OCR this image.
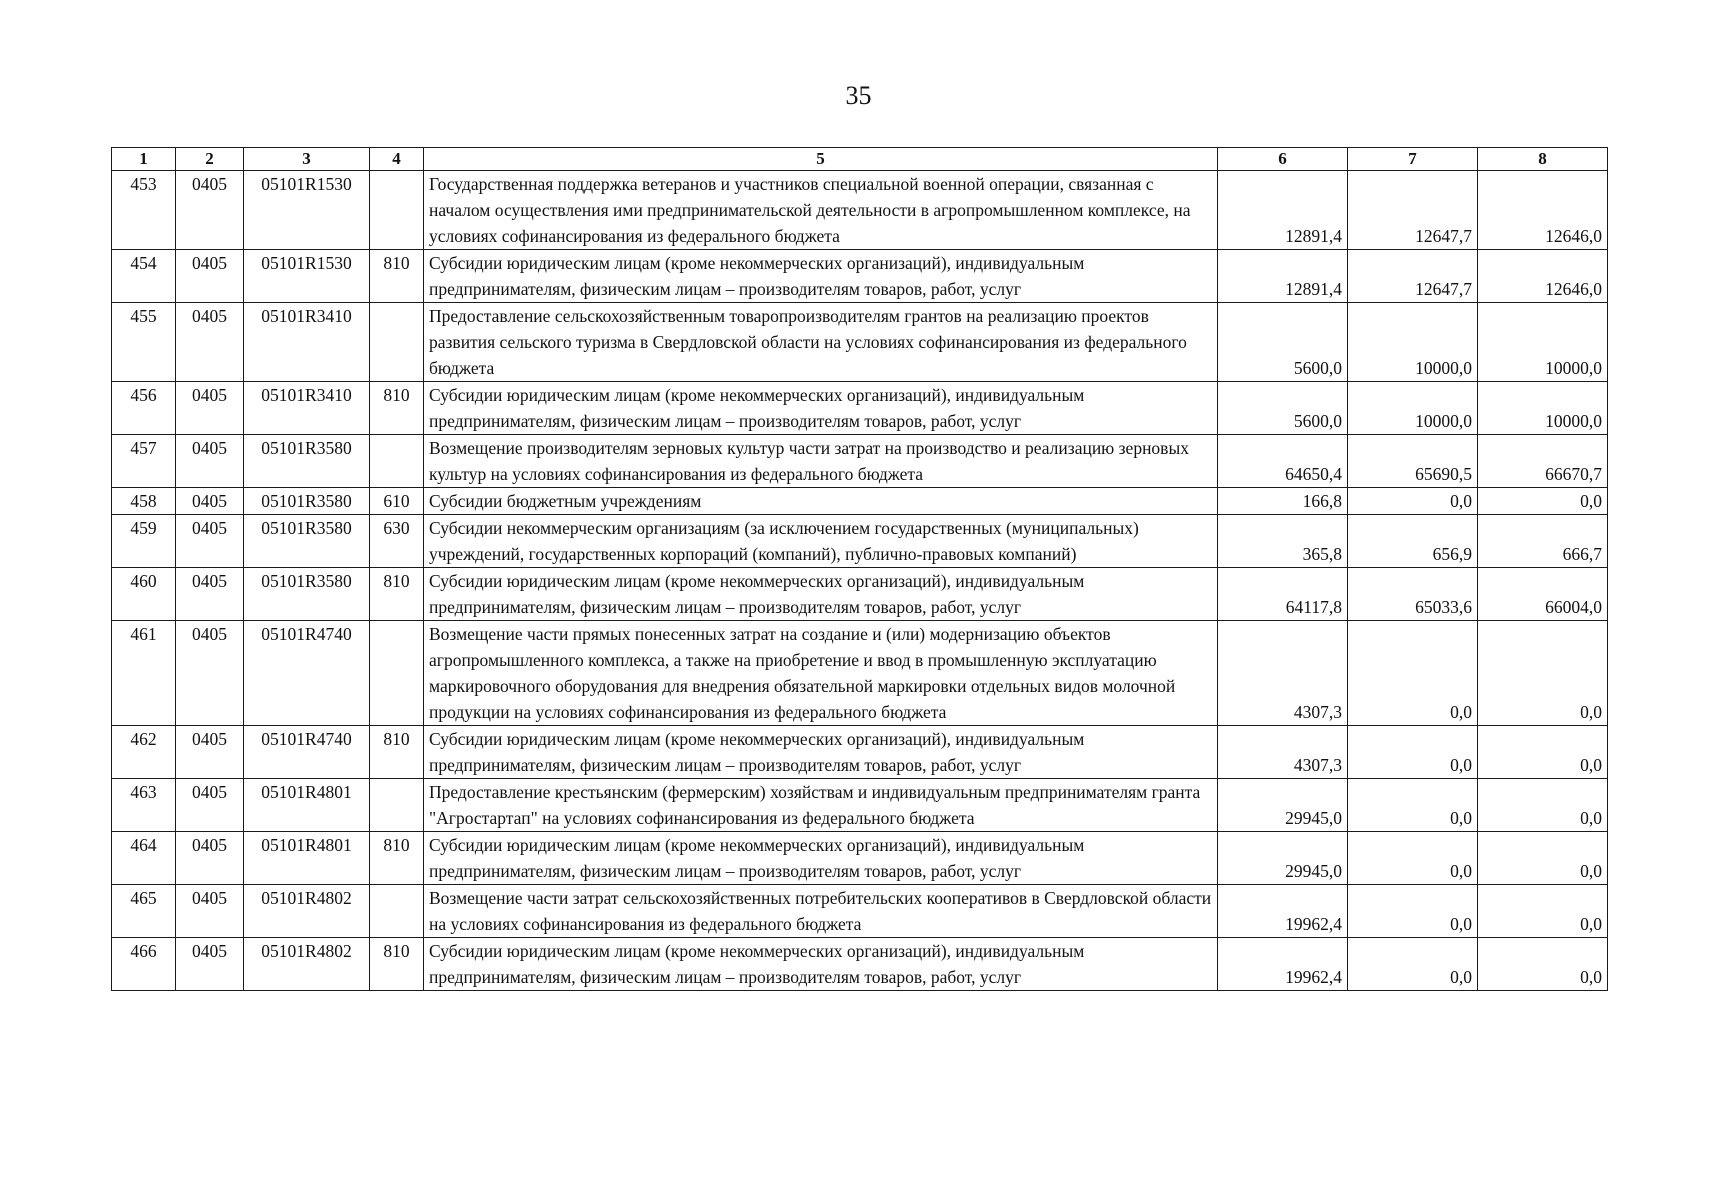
35
1	2	3	4	5	6	7	8
453	0405	05101R1530		Государственная поддержка ветеранов и участников специальной военной операции, связанная с началом осуществления ими предпринимательской деятельности в агропромышленном комплексе, на условиях софинансирования из федерального бюджета	12891,4	12647,7	12646,0
454	0405	05101R1530	810	Субсидии юридическим лицам (кроме некоммерческих организаций), индивидуальным предпринимателям, физическим лицам – производителям товаров, работ, услуг	12891,4	12647,7	12646,0
455	0405	05101R3410		Предоставление сельскохозяйственным товаропроизводителям грантов на реализацию проектов развития сельского туризма в Свердловской области на условиях софинансирования из федерального бюджета	5600,0	10000,0	10000,0
456	0405	05101R3410	810	Субсидии юридическим лицам (кроме некоммерческих организаций), индивидуальным предпринимателям, физическим лицам – производителям товаров, работ, услуг	5600,0	10000,0	10000,0
457	0405	05101R3580		Возмещение производителям зерновых культур части затрат на производство и реализацию зерновых культур на условиях софинансирования из федерального бюджета	64650,4	65690,5	66670,7
458	0405	05101R3580	610	Субсидии бюджетным учреждениям	166,8	0,0	0,0
459	0405	05101R3580	630	Субсидии некоммерческим организациям (за исключением государственных (муниципальных) учреждений, государственных корпораций (компаний), публично-правовых компаний)	365,8	656,9	666,7
460	0405	05101R3580	810	Субсидии юридическим лицам (кроме некоммерческих организаций), индивидуальным предпринимателям, физическим лицам – производителям товаров, работ, услуг	64117,8	65033,6	66004,0
461	0405	05101R4740		Возмещение части прямых понесенных затрат на создание и (или) модернизацию объектов агропромышленного комплекса, а также на приобретение и ввод в промышленную эксплуатацию маркировочного оборудования для внедрения обязательной маркировки отдельных видов молочной продукции на условиях софинансирования из федерального бюджета	4307,3	0,0	0,0
462	0405	05101R4740	810	Субсидии юридическим лицам (кроме некоммерческих организаций), индивидуальным предпринимателям, физическим лицам – производителям товаров, работ, услуг	4307,3	0,0	0,0
463	0405	05101R4801		Предоставление крестьянским (фермерским) хозяйствам и индивидуальным предпринимателям гранта "Агростартап" на условиях софинансирования из федерального бюджета	29945,0	0,0	0,0
464	0405	05101R4801	810	Субсидии юридическим лицам (кроме некоммерческих организаций), индивидуальным предпринимателям, физическим лицам – производителям товаров, работ, услуг	29945,0	0,0	0,0
465	0405	05101R4802		Возмещение части затрат сельскохозяйственных потребительских кооперативов в Свердловской области на условиях софинансирования из федерального бюджета	19962,4	0,0	0,0
466	0405	05101R4802	810	Субсидии юридическим лицам (кроме некоммерческих организаций), индивидуальным предпринимателям, физическим лицам – производителям товаров, работ, услуг	19962,4	0,0	0,0
